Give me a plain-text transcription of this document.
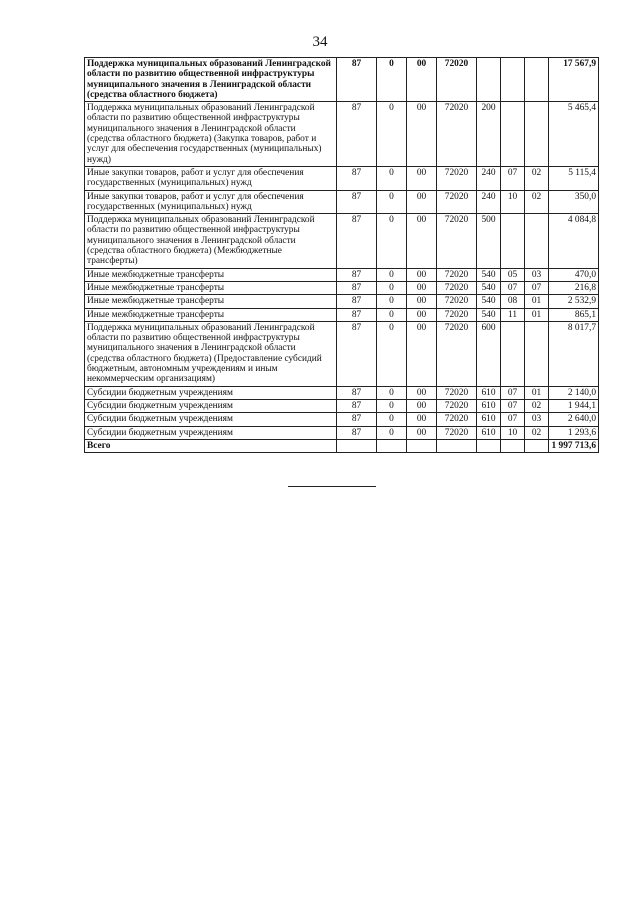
34
Поддержка муниципальных образований Ленинградской области по развитию общественной инфраструктуры муниципального значения в Ленинградской области (средства областного бюджета)	87	0	00	72020				17 567,9
Поддержка муниципальных образований Ленинградской области по развитию общественной инфраструктуры муниципального значения в Ленинградской области (средства областного бюджета) (Закупка товаров, работ и услуг для обеспечения государственных (муниципальных) нужд)	87	0	00	72020	200			5 465,4
Иные закупки товаров, работ и услуг для обеспечения государственных (муниципальных) нужд	87	0	00	72020	240	07	02	5 115,4
Иные закупки товаров, работ и услуг для обеспечения государственных (муниципальных) нужд	87	0	00	72020	240	10	02	350,0
Поддержка муниципальных образований Ленинградской области по развитию общественной инфраструктуры муниципального значения в Ленинградской области (средства областного бюджета) (Межбюджетные трансферты)	87	0	00	72020	500			4 084,8
Иные межбюджетные трансферты	87	0	00	72020	540	05	03	470,0
Иные межбюджетные трансферты	87	0	00	72020	540	07	07	216,8
Иные межбюджетные трансферты	87	0	00	72020	540	08	01	2 532,9
Иные межбюджетные трансферты	87	0	00	72020	540	11	01	865,1
Поддержка муниципальных образований Ленинградской области по развитию общественной инфраструктуры муниципального значения в Ленинградской области (средства областного бюджета) (Предоставление субсидий бюджетным, автономным учреждениям и иным некоммерческим организациям)	87	0	00	72020	600			8 017,7
Субсидии бюджетным учреждениям	87	0	00	72020	610	07	01	2 140,0
Субсидии бюджетным учреждениям	87	0	00	72020	610	07	02	1 944,1
Субсидии бюджетным учреждениям	87	0	00	72020	610	07	03	2 640,0
Субсидии бюджетным учреждениям	87	0	00	72020	610	10	02	1 293,6
Всего								1 997 713,6
